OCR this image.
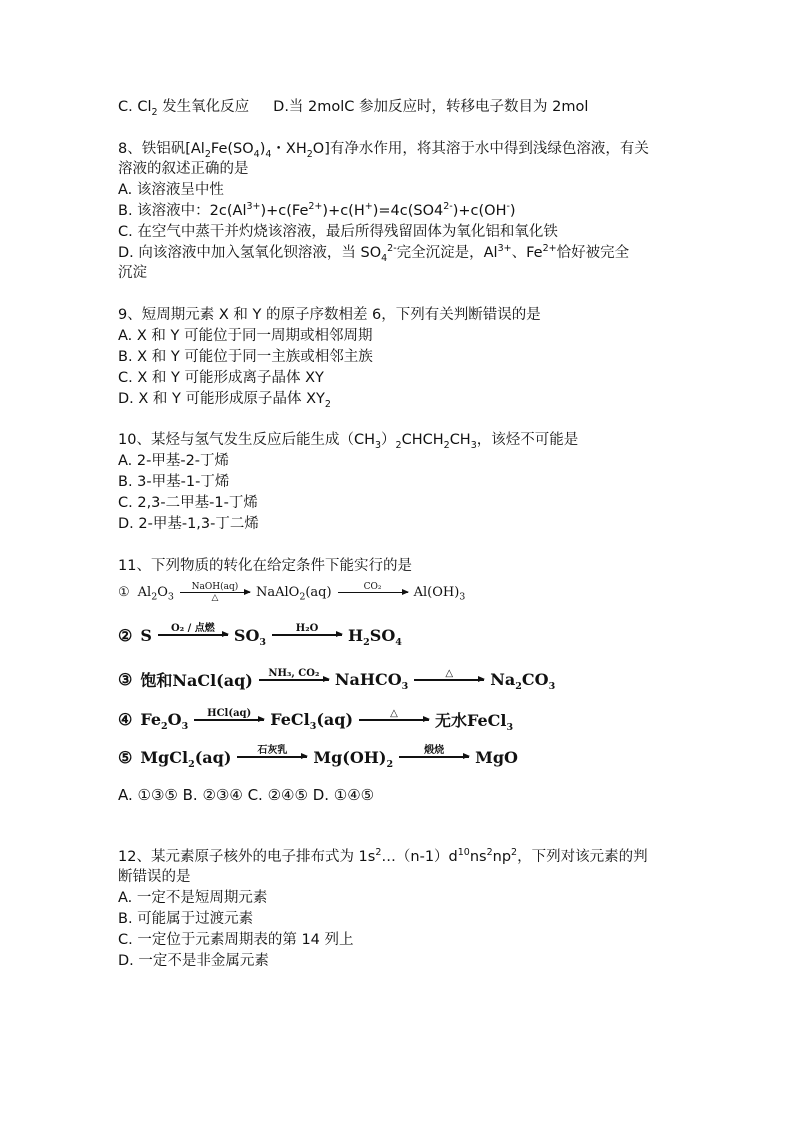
C. $Cl_2$ 发生氧化反应 D.当 2molC 参加反应时，转移电子数目为 2mol
8、铁铝矾[$Al_2Fe(SO_4)_4$・$XH_2O$]有净水作用，将其溶于水中得到浅绿色溶液，有关
溶液的叙述正确的是
A. 该溶液呈中性
B. 该溶液中：$2c(Al^{3+})+c(Fe^{2+})+c(H^+)=4c(SO4^{2-})+c(OH^-)$
C. 在空气中蒸干并灼烧该溶液，最后所得残留固体为氧化铝和氧化铁
D. 向该溶液中加入氢氧化钡溶液，当 $SO_4^{2-}$完全沉淀是，$Al^{3+}$、$Fe^{2+}$恰好被完全
沉淀
9、短周期元素 X 和 Y 的原子序数相差 6，下列有关判断错误的是
A. X 和 Y 可能位于同一周期或相邻周期
B. X 和 Y 可能位于同一主族或相邻主族
C. X 和 Y 可能形成离子晶体 XY
D. X 和 Y 可能形成原子晶体 $XY_2$
10、某烃与氢气发生反应后能生成$(CH_3)_2CHCH_2CH_3$，该烃不可能是
A. 2-甲基-2-丁烯
B. 3-甲基-1-丁烯
C. 2,3-二甲基-1-丁烯
D. 2-甲基-1,3-丁二烯
11、下列物质的转化在给定条件下能实行的是
① $Al_2O_3$
NaOH(aq)
△	NaAlO$_2$(aq)	CO₂ $Al(OH)_3$
② S O₂ / 点燃 $SO_3$
H₂O $H_2SO_4$
③ 饱和NaCl(aq) NH₃, CO₂ NaHCO$_3$
△ $Na_2CO_3$
④ $Fe_2O_3$
HCl(aq) FeCl$_3$(aq)	△ 无水FeCl$_3$
⑤ MgCl$_2$(aq)	石灰乳 $Mg(OH)_2$
煅烧 MgO
A. ①③⑤ B. ②③④ C. ②④⑤ D. ①④⑤
12、某元素原子核外的电子排布式为 $1s^2\dots(n-1)d^{10}ns^2np^2$，下列对该元素的判
断错误的是
A. 一定不是短周期元素
B. 可能属于过渡元素
C. 一定位于元素周期表的第 14 列上
D. 一定不是非金属元素
